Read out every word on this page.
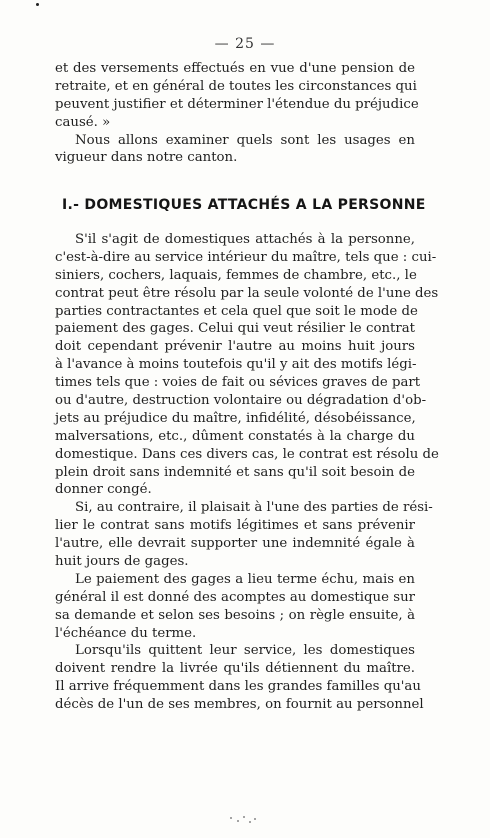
— 25 —
et des versements effectués en vue d'une pension de
retraite, et en général de toutes les circonstances qui
peuvent justifier et déterminer l'étendue du préjudice
causé. »
Nous allons examiner quels sont les usages en
vigueur dans notre canton.
I.- DOMESTIQUES ATTACHÉS A LA PERSONNE
S'il s'agit de domestiques attachés à la personne,
c'est-à-dire au service intérieur du maître, tels que : cui-
siniers, cochers, laquais, femmes de chambre, etc., le
contrat peut être résolu par la seule volonté de l'une des
parties contractantes et cela quel que soit le mode de
paiement des gages. Celui qui veut résilier le contrat
doit cependant prévenir l'autre au moins huit jours
à l'avance à moins toutefois qu'il y ait des motifs légi-
times tels que : voies de fait ou sévices graves de part
ou d'autre, destruction volontaire ou dégradation d'ob-
jets au préjudice du maître, infidélité, désobéissance,
malversations, etc., dûment constatés à la charge du
domestique. Dans ces divers cas, le contrat est résolu de
plein droit sans indemnité et sans qu'il soit besoin de
donner congé.
Si, au contraire, il plaisait à l'une des parties de rési-
lier le contrat sans motifs légitimes et sans prévenir
l'autre, elle devrait supporter une indemnité égale à
huit jours de gages.
Le paiement des gages a lieu terme échu, mais en
général il est donné des acomptes au domestique sur
sa demande et selon ses besoins ; on règle ensuite, à
l'échéance du terme.
Lorsqu'ils quittent leur service, les domestiques
doivent rendre la livrée qu'ils détiennent du maître.
Il arrive fréquemment dans les grandes familles qu'au
décès de l'un de ses membres, on fournit au personnel
